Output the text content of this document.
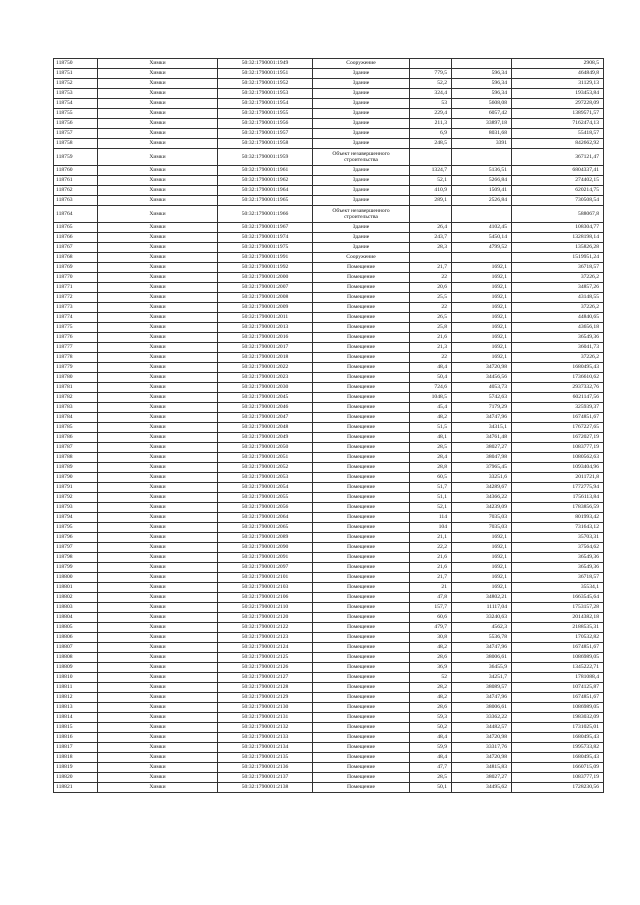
118750	Химки	50:32:1790001:1949	Сооружение			2908,5
118751	Химки	50:32:1790001:1951	Здание	779,5	596,34	464849,8
118752	Химки	50:32:1790001:1952	Здание	52,2	596,34	31129,13
118753	Химки	50:32:1790001:1953	Здание	324,4	596,34	193453,84
118754	Химки	50:32:1790001:1954	Здание	53	5608,08	297228,09
118755	Химки	50:32:1790001:1955	Здание	229,4	6057,42	1389571,57
118756	Химки	50:32:1790001:1956	Здание	211,3	33897,18	7162474,13
118757	Химки	50:32:1790001:1957	Здание	6,9	8031,68	55418,57
118758	Химки	50:32:1790001:1958	Здание	248,5	3391	842662,92
118759	Химки	50:32:1790001:1959	Объект незавершенного строительства			367121,47
118760	Химки	50:32:1790001:1961	Здание	1324,7	5136,51	6804337,41
118761	Химки	50:32:1790001:1962	Здание	52,1	5266,84	274402,15
118762	Химки	50:32:1790001:1964	Здание	410,9	1509,41	620214,75
118763	Химки	50:32:1790001:1965	Здание	289,1	2526,84	730508,54
118764	Химки	50:32:1790001:1966	Объект незавершенного строительства			588067,8
118765	Химки	50:32:1790001:1967	Здание	26,4	4102,45	108304,77
118766	Химки	50:32:1790001:1974	Здание	243,7	5450,14	1328198,14
118767	Химки	50:32:1790001:1975	Здание	28,3	4799,52	135826,28
118768	Химки	50:32:1790001:1991	Сооружение			1519951,24
118769	Химки	50:32:1790001:1992	Помещение	21,7	1692,1	36718,57
118770	Химки	50:32:1790001:2000	Помещение	22	1692,1	37226,2
118771	Химки	50:32:1790001:2007	Помещение	20,6	1692,1	34857,26
118772	Химки	50:32:1790001:2008	Помещение	25,5	1692,1	43148,55
118773	Химки	50:32:1790001:2009	Помещение	22	1692,1	37226,2
118774	Химки	50:32:1790001:2011	Помещение	26,5	1692,1	44840,65
118775	Химки	50:32:1790001:2013	Помещение	25,8	1692,1	43656,18
118776	Химки	50:32:1790001:2016	Помещение	21,6	1692,1	36549,36
118777	Химки	50:32:1790001:2017	Помещение	21,3	1692,1	36041,73
118778	Химки	50:32:1790001:2018	Помещение	22	1692,1	37226,2
118779	Химки	50:32:1790001:2022	Помещение	48,4	34720,98	1680495,43
118780	Химки	50:32:1790001:2023	Помещение	50,4	34456,56	1736610,62
118781	Химки	50:32:1790001:2030	Помещение	724,6	4053,73	2937332,76
118782	Химки	50:32:1790001:2045	Помещение	1048,5	5742,63	6021147,56
118783	Химки	50:32:1790001:2046	Помещение	45,4	7179,29	325939,37
118784	Химки	50:32:1790001:2047	Помещение	48,2	34747,96	1674851,67
118785	Химки	50:32:1790001:2048	Помещение	51,5	34315,1	1767227,65
118786	Химки	50:32:1790001:2049	Помещение	48,1	34761,48	1672027,19
118787	Химки	50:32:1790001:2050	Помещение	28,5	38027,27	1083777,19
118788	Химки	50:32:1790001:2051	Помещение	28,4	38047,98	1080562,63
118789	Химки	50:32:1790001:2052	Помещение	28,8	37965,45	1093404,96
118790	Химки	50:32:1790001:2053	Помещение	60,5	33251,6	2011721,8
118791	Химки	50:32:1790001:2054	Помещение	51,7	34289,67	1772775,94
118792	Химки	50:32:1790001:2055	Помещение	51,1	34366,22	1756113,84
118793	Химки	50:32:1790001:2056	Помещение	52,1	34239,09	1783856,59
118794	Химки	50:32:1790001:2064	Помещение	114	7035,03	801993,42
118795	Химки	50:32:1790001:2065	Помещение	104	7035,03	731643,12
118796	Химки	50:32:1790001:2089	Помещение	21,1	1692,1	35703,31
118797	Химки	50:32:1790001:2090	Помещение	22,2	1692,1	37564,62
118798	Химки	50:32:1790001:2091	Помещение	21,6	1692,1	36549,36
118799	Химки	50:32:1790001:2097	Помещение	21,6	1692,1	36549,36
118800	Химки	50:32:1790001:2101	Помещение	21,7	1692,1	36718,57
118801	Химки	50:32:1790001:2103	Помещение	21	1692,1	35534,1
118802	Химки	50:32:1790001:2106	Помещение	47,8	34802,21	1663545,64
118803	Химки	50:32:1790001:2110	Помещение	157,7	11117,04	1753157,28
118804	Химки	50:32:1790001:2120	Помещение	60,6	33240,63	2014382,18
118805	Химки	50:32:1790001:2122	Помещение	479,7	4562,3	2188535,31
118806	Химки	50:32:1790001:2123	Помещение	30,8	5536,78	170532,82
118807	Химки	50:32:1790001:2124	Помещение	48,2	34747,96	1674851,67
118808	Химки	50:32:1790001:2125	Помещение	28,6	38006,61	1086989,05
118809	Химки	50:32:1790001:2126	Помещение	36,9	36455,9	1345222,71
118810	Химки	50:32:1790001:2127	Помещение	52	34251,7	1781088,4
118811	Химки	50:32:1790001:2128	Помещение	28,2	38089,57	1074125,87
118812	Химки	50:32:1790001:2129	Помещение	48,2	34747,96	1674851,67
118813	Химки	50:32:1790001:2130	Помещение	28,6	38006,61	1086989,05
118814	Химки	50:32:1790001:2131	Помещение	59,3	33362,22	1983032,09
118815	Химки	50:32:1790001:2132	Помещение	50,2	34482,57	1731025,01
118816	Химки	50:32:1790001:2133	Помещение	48,4	34720,98	1680495,43
118817	Химки	50:32:1790001:2134	Помещение	59,9	33317,76	1995733,82
118818	Химки	50:32:1790001:2135	Помещение	48,4	34720,98	1680495,43
118819	Химки	50:32:1790001:2136	Помещение	47,7	34815,83	1660715,09
118820	Химки	50:32:1790001:2137	Помещение	28,5	38027,27	1083777,19
118821	Химки	50:32:1790001:2138	Помещение	50,1	34495,62	1728230,56
